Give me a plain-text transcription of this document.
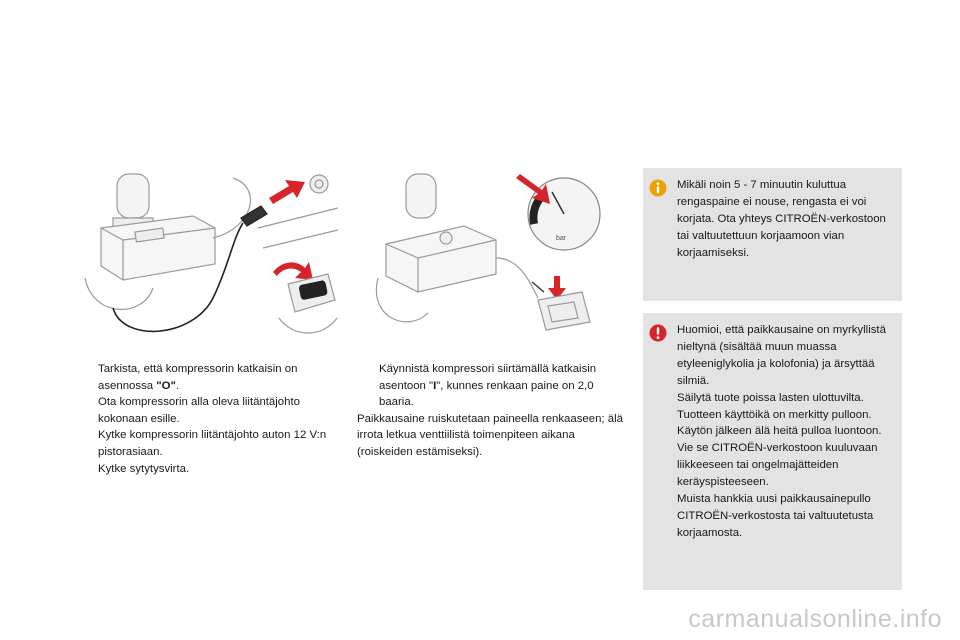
bar
Tarkista, että kompressorin katkaisin on asennossa "O".
Ota kompressorin alla oleva liitäntäjohto kokonaan esille.
Kytke kompressorin liitäntäjohto auton 12 V:n pistorasiaan.
Kytke sytytysvirta.
Käynnistä kompressori siirtämällä katkaisin asentoon "I", kunnes renkaan paine on 2,0 baaria.
Paikkausaine ruiskutetaan paineella renkaaseen; älä irrota letkua venttiilistä toimenpiteen aikana (roiskeiden estämiseksi).
Mikäli noin 5 - 7 minuutin kuluttua rengaspaine ei nouse, rengasta ei voi korjata. Ota yhteys CITROËN-verkostoon tai valtuutettuun korjaamoon vian korjaamiseksi.
Huomioi, että paikkausaine on myrkyllistä nieltynä (sisältää muun muassa etyleeniglykolia ja kolofonia) ja ärsyttää silmiä.
Säilytä tuote poissa lasten ulottuvilta.
Tuotteen käyttöikä on merkitty pulloon. Käytön jälkeen älä heitä pulloa luontoon. Vie se CITROËN-verkostoon kuuluvaan liikkeeseen tai ongelmajätteiden keräyspisteeseen.
Muista hankkia uusi paikkausainepullo CITROËN-verkostosta tai valtuutetusta korjaamosta.
carmanualsonline.info
